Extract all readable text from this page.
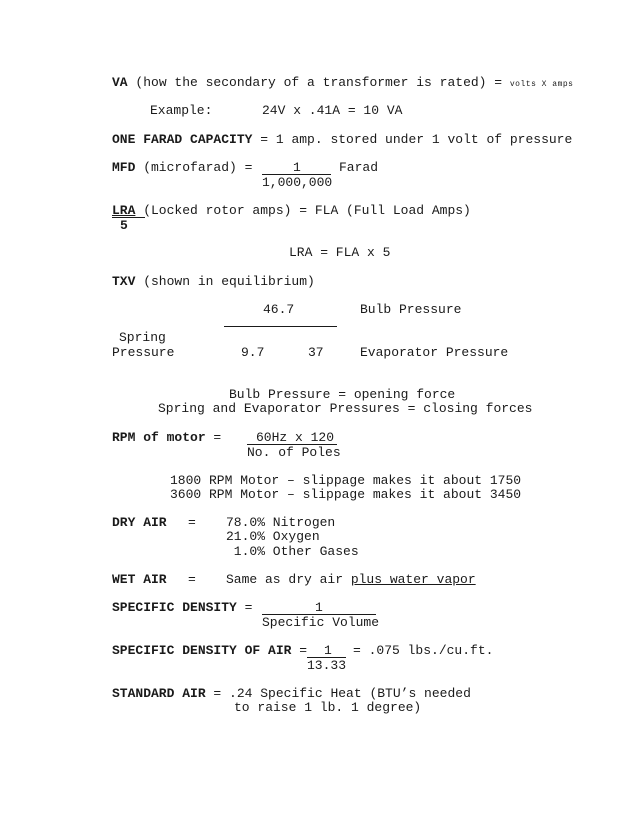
VA (how the secondary of a transformer is rated) = volts X amps
Example:	24V x .41A = 10 VA
ONE FARAD CAPACITY = 1 amp. stored under 1 volt of pressure
MFD (microfarad) =	1	Farad
1,000,000
LRA (Locked rotor amps) = FLA (Full Load Amps)
5
LRA = FLA x 5
TXV (shown in equilibrium)
46.7	Bulb Pressure
Spring
Pressure	9.7	37	Evaporator Pressure
Bulb Pressure = opening force
Spring and Evaporator Pressures = closing forces
RPM of motor =	60Hz x 120
No. of Poles
1800 RPM Motor – slippage makes it about 1750
3600 RPM Motor – slippage makes it about 3450
DRY AIR = 78.0% Nitrogen
21.0% Oxygen
1.0% Other Gases
WET AIR = Same as dry air plus water vapor
SPECIFIC DENSITY =	1
Specific Volume
SPECIFIC DENSITY OF AIR = 1 = .075 lbs./cu.ft.
13.33
STANDARD AIR = .24 Specific Heat (BTU’s needed
to raise 1 lb. 1 degree)
